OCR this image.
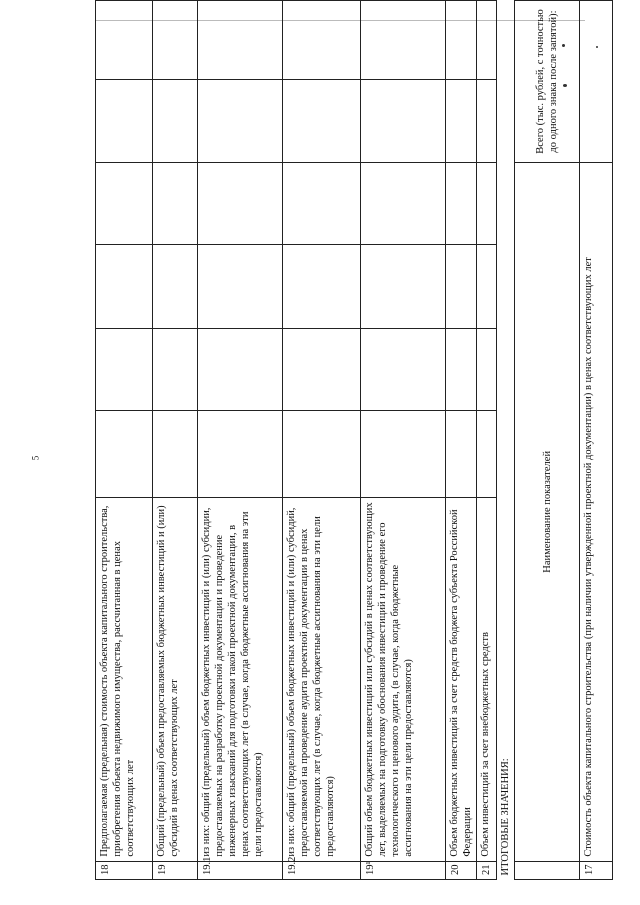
5
18	Предполагаемая (предельная) стоимость объекта капитального строительства, приобретения объекта недвижимого имущества, рассчитанная в ценах соответствующих лет						
19	Общий (предельный) объем предоставляемых бюджетных инвестиций и (или) субсидий в ценах соответствующих лет						
19.1	из них: общий (предельный) объем бюджетных инвестиций и (или) субсидии, предоставляемых на разработку проектной документации и проведение инженерных изысканий для подготовки такой проектной документации, в ценах соответствующих лет (в случае, когда бюджетные ассигнования на эти цели предоставляются)						
19.2	из них: общий (предельный) объем бюджетных инвестиций и (или) субсидий, предоставляемой на проведение аудита проектной документации в ценах соответствующих лет (в случае, когда бюджетные ассигнования на эти цели предоставляются)						
19¹	Общий объем бюджетных инвестиций или субсидий в ценах соответствующих лет, выделяемых на подготовку обоснования инвестиций и проведение его технологического и ценового аудита, (в случае, когда бюджетные ассигнования на эти цели предоставляются)						
20	Объем бюджетных инвестиций за счет средств бюджета субъекта Российской Федерации						
21	Объем инвестиций за счет внебюджетных средств						
ИТОГОВЫЕ ЗНАЧЕНИЯ:							
	Наименование показателей					Всего (тыс. рублей, с точностью до одного знака после запятой):	
17	Стоимость объекта капитального строительства (при наличии утвержденной проектной документации) в ценах соответствующих лет						
